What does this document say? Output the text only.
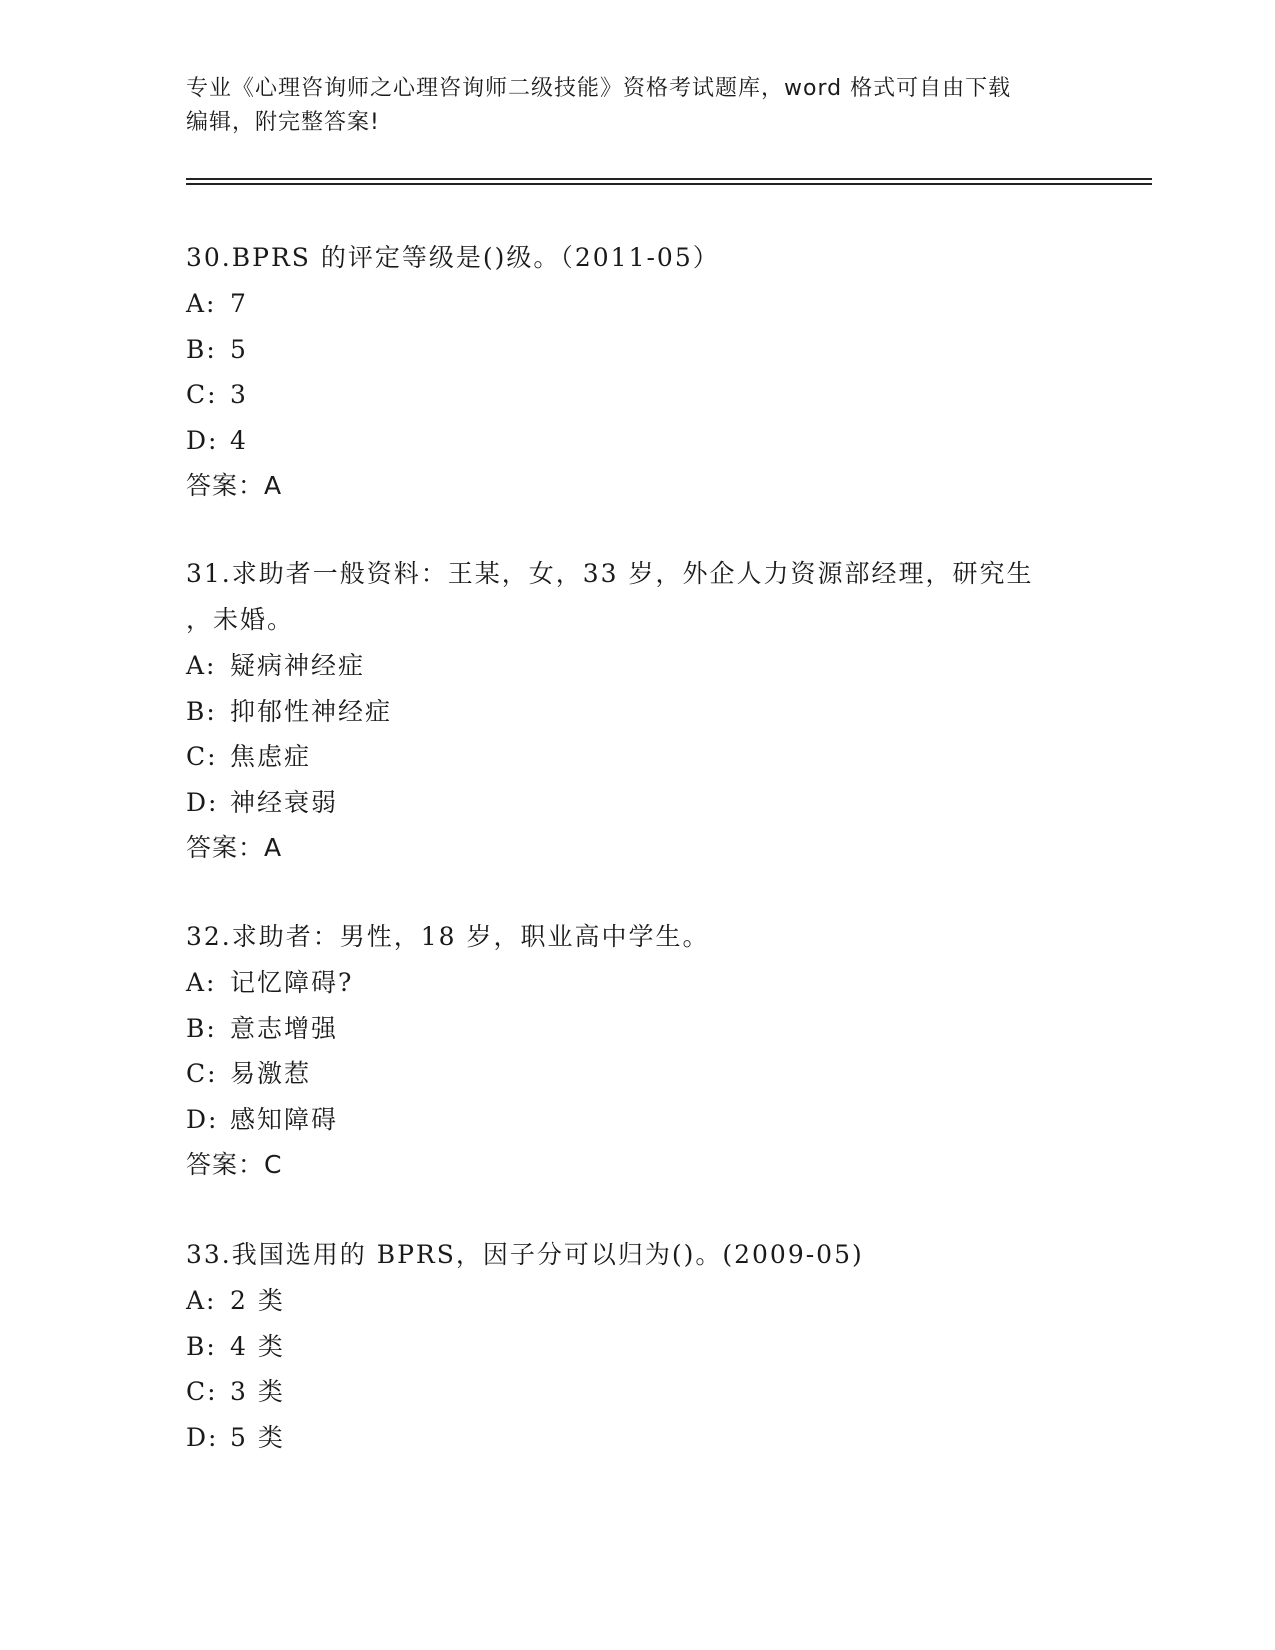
专业《心理咨询师之心理咨询师二级技能》资格考试题库，word 格式可自由下载
编辑，附完整答案!
30.BPRS 的评定等级是()级。（2011-05）
A: 7
B: 5
C: 3
D: 4
答案：A
31.求助者一般资料：王某，女，33 岁，外企人力资源部经理，研究生
，未婚。
A: 疑病神经症
B: 抑郁性神经症
C: 焦虑症
D: 神经衰弱
答案：A
32.求助者：男性，18 岁，职业高中学生。
A: 记忆障碍?
B: 意志增强
C: 易激惹
D: 感知障碍
答案：C
33.我国选用的 BPRS，因子分可以归为()。(2009-05)
A: 2 类
B: 4 类
C: 3 类
D: 5 类
